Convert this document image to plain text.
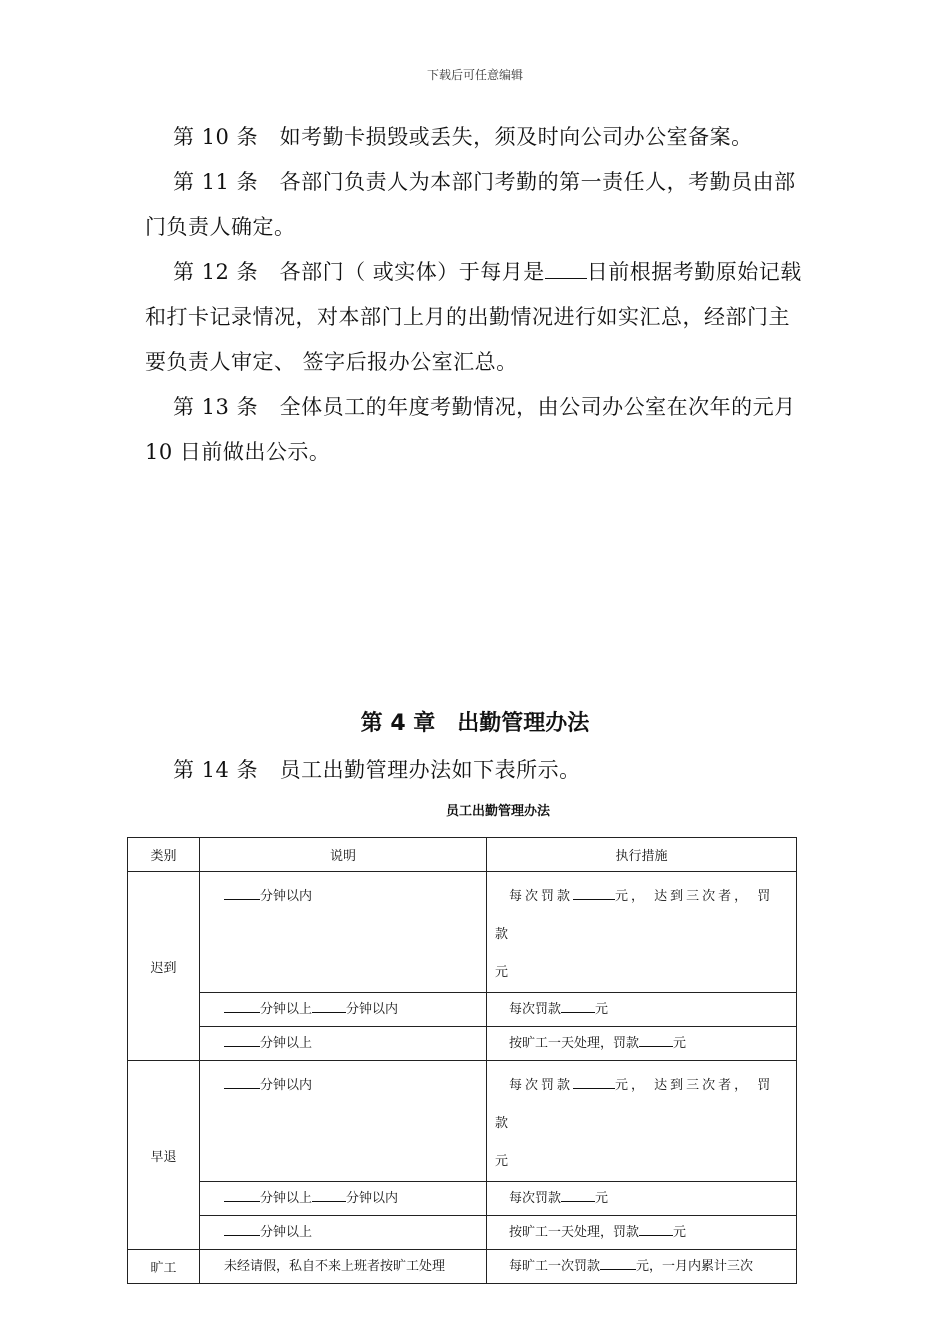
下载后可任意编辑

第 10 条　如考勤卡损毁或丢失，须及时向公司办公室备案。

第 11 条　各部门负责人为本部门考勤的第一责任人，考勤员由部门负责人确定。

第 12 条　各部门（ 或实体）于每月是 日前根据考勤原始记载和打卡记录情况，对本部门上月的出勤情况进行如实汇总，经部门主要负责人审定、 签字后报办公室汇总。

第 13 条　全体员工的年度考勤情况，由公司办公室在次年的元月 10 日前做出公示。

第 4 章　出勤管理办法

第 14 条　员工出勤管理办法如下表所示。

员工出勤管理办法
类别	说明	执行措施
迟到	分钟以内	每次罚款 元， 达到三次者， 罚款
元
	分钟以上 分钟以内	每次罚款 元
	分钟以上	按旷工一天处理，罚款 元
早退	分钟以内	每次罚款 元， 达到三次者， 罚款
元
	分钟以上 分钟以内	每次罚款 元
	分钟以上	按旷工一天处理，罚款 元
旷工	未经请假，私自不来上班者按旷工处理	每旷工一次罚款 元，一月内累计三次
